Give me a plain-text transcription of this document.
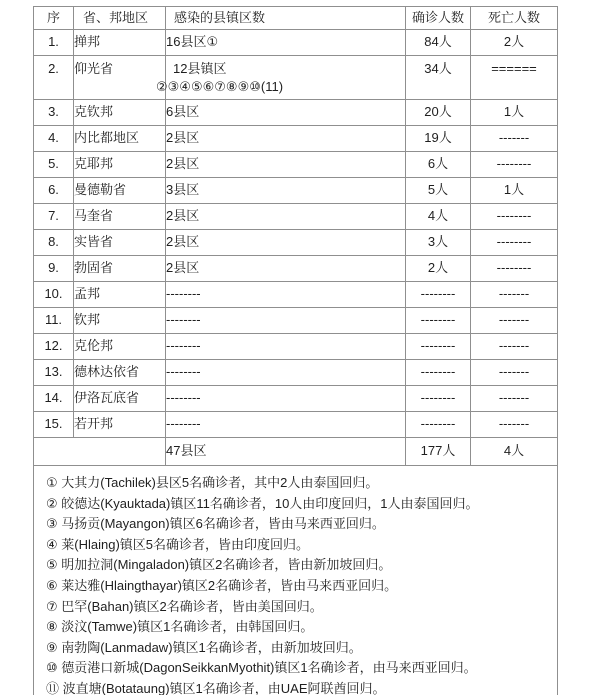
序	省、邦地区	感染的县镇区数	确诊人数	死亡人数
1.	掸邦	16县区①	84人	2人
2.	仰光省	12县镇区
②③④⑤⑥⑦⑧⑨⑩(11)	34人	======
3.	克钦邦	6县区	20人	1人
4.	内比都地区	2县区	19人	-------
5.	克耶邦	2县区	6人	--------
6.	曼德勒省	3县区	5人	1人
7.	马奎省	2县区	4人	--------
8.	实皆省	2县区	3人	--------
9.	勃固省	2县区	2人	--------
10.	孟邦	--------	--------	-------
11.	钦邦	--------	--------	-------
12.	克伦邦	--------	--------	-------
13.	德林达依省	--------	--------	-------
14.	伊洛瓦底省	--------	--------	-------
15.	若开邦	--------	--------	-------
		47县区	177人	4人

① 大其力(Tachilek)县区5名确诊者，其中2人由泰国回归。
② 皎德达(Kyauktada)镇区11名确诊者，10人由印度回归，1人由泰国回归。
③ 马扬贡(Mayangon)镇区6名确诊者，皆由马来西亚回归。
④ 莱(Hlaing)镇区5名确诊者，皆由印度回归。
⑤ 明加拉洞(Mingaladon)镇区2名确诊者，皆由新加坡回归。
⑥ 莱达雅(Hlaingthayar)镇区2名确诊者，皆由马来西亚回归。
⑦ 巴罕(Bahan)镇区2名确诊者，皆由美国回归。
⑧ 淡汶(Tamwe)镇区1名确诊者，由韩国回归。
⑨ 南勃陶(Lanmadaw)镇区1名确诊者，由新加坡回归。
⑩ 德贡港口新城(DagonSeikkanMyothit)镇区1名确诊者，由马来西亚回归。
⑪ 波直塘(Botataung)镇区1名确诊者，由UAE阿联酋回归。
